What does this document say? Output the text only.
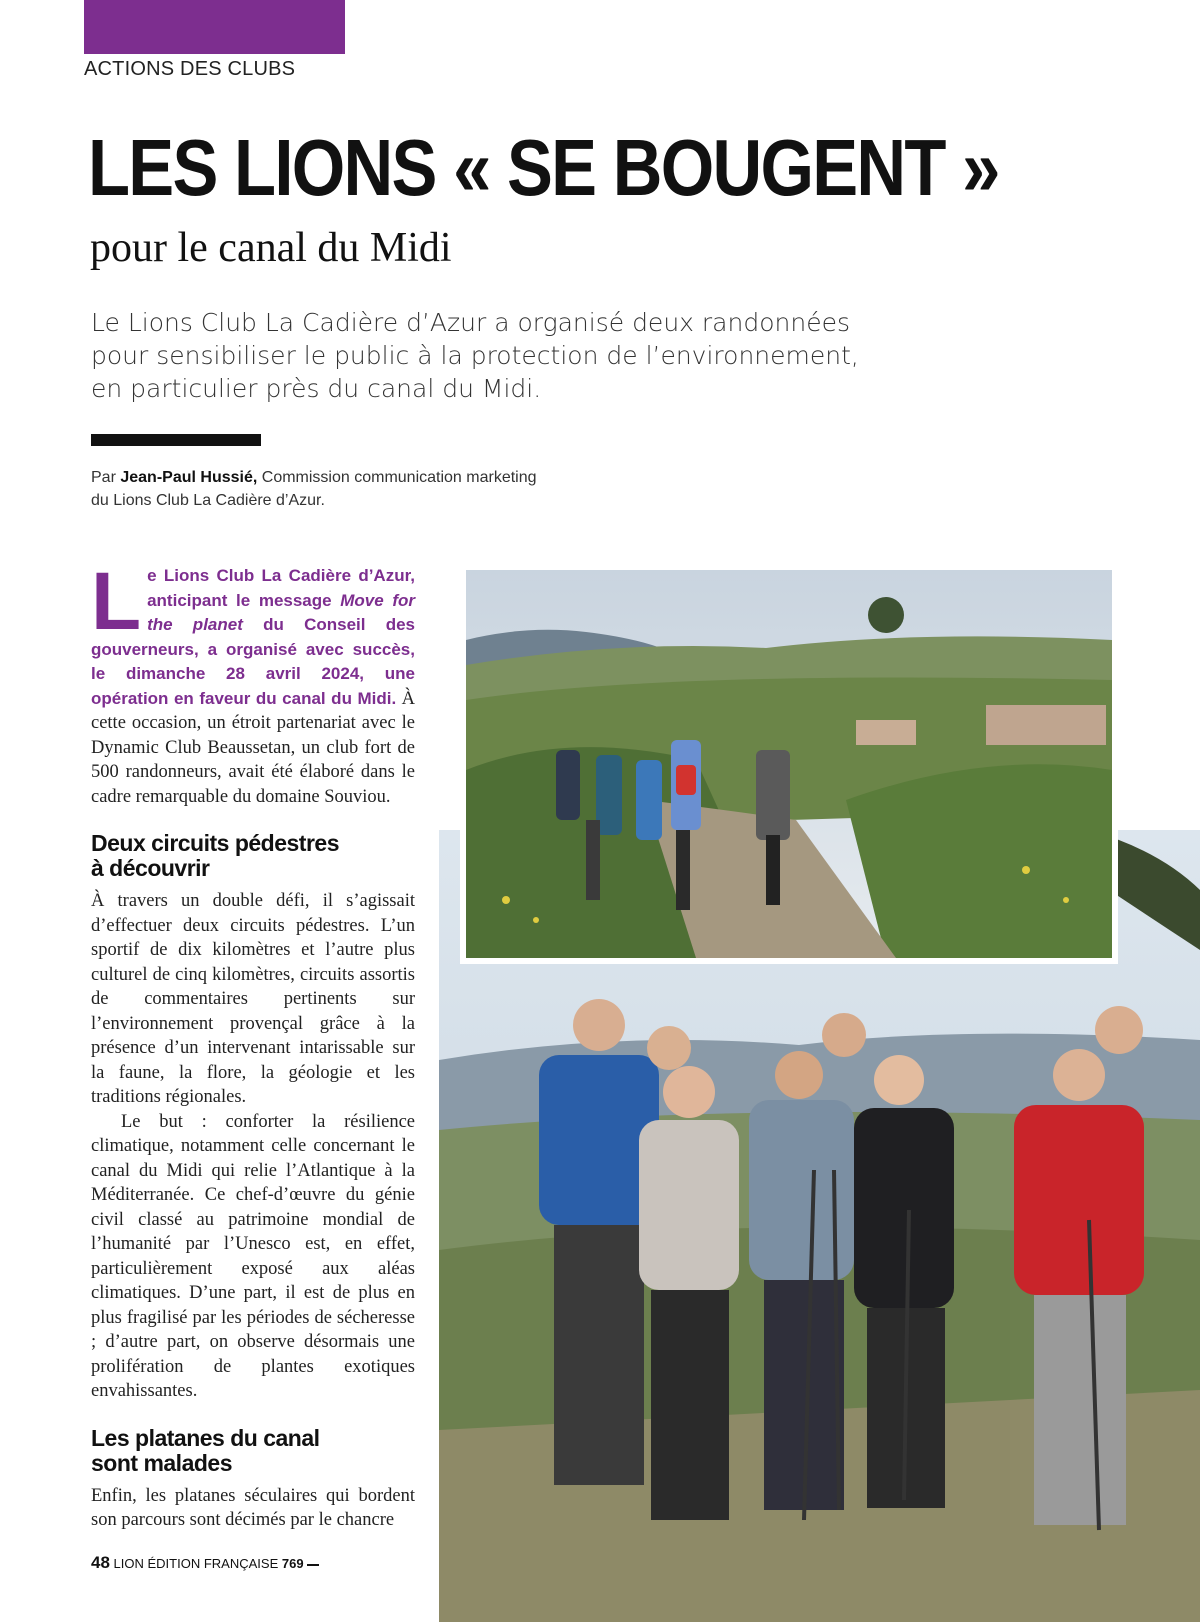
ACTIONS DES CLUBS
LES LIONS « SE BOUGENT »
pour le canal du Midi

Le Lions Club La Cadière d’Azur a organisé deux randonnées pour sensibiliser le public à la protection de l’environnement, en particulier près du canal du Midi.

Par Jean-Paul Hussié, Commission communication marketing
du Lions Club La Cadière d’Azur.

Le Lions Club La Cadière d’Azur, anticipant le message Move for the planet du Conseil des gouverneurs, a organisé avec succès, le dimanche 28 avril 2024, une opération en faveur du canal du Midi. À cette occasion, un étroit partenariat avec le Dynamic Club Beaussetan, un club fort de 500 randonneurs, avait été élaboré dans le cadre remarquable du domaine Souviou.

Deux circuits pédestres
à découvrir

À travers un double défi, il s’agissait d’effectuer deux circuits pédestres. L’un sportif de dix kilomètres et l’autre plus culturel de cinq kilomètres, circuits assortis de commentaires pertinents sur l’environnement provençal grâce à la présence d’un intervenant intarissable sur la faune, la flore, la géologie et les traditions régionales.

Le but : conforter la résilience climatique, notamment celle concernant le canal du Midi qui relie l’Atlantique à la Méditerranée. Ce chef-d’œuvre du génie civil classé au patrimoine mondial de l’humanité par l’Unesco est, en effet, particulièrement exposé aux aléas climatiques. D’une part, il est de plus en plus fragilisé par les périodes de sécheresse ; d’autre part, on observe désormais une prolifération de plantes exotiques envahissantes.

Les platanes du canal
sont malades

Enfin, les platanes séculaires qui bordent son parcours sont décimés par le chancre

48 LION ÉDITION FRANÇAISE 769
